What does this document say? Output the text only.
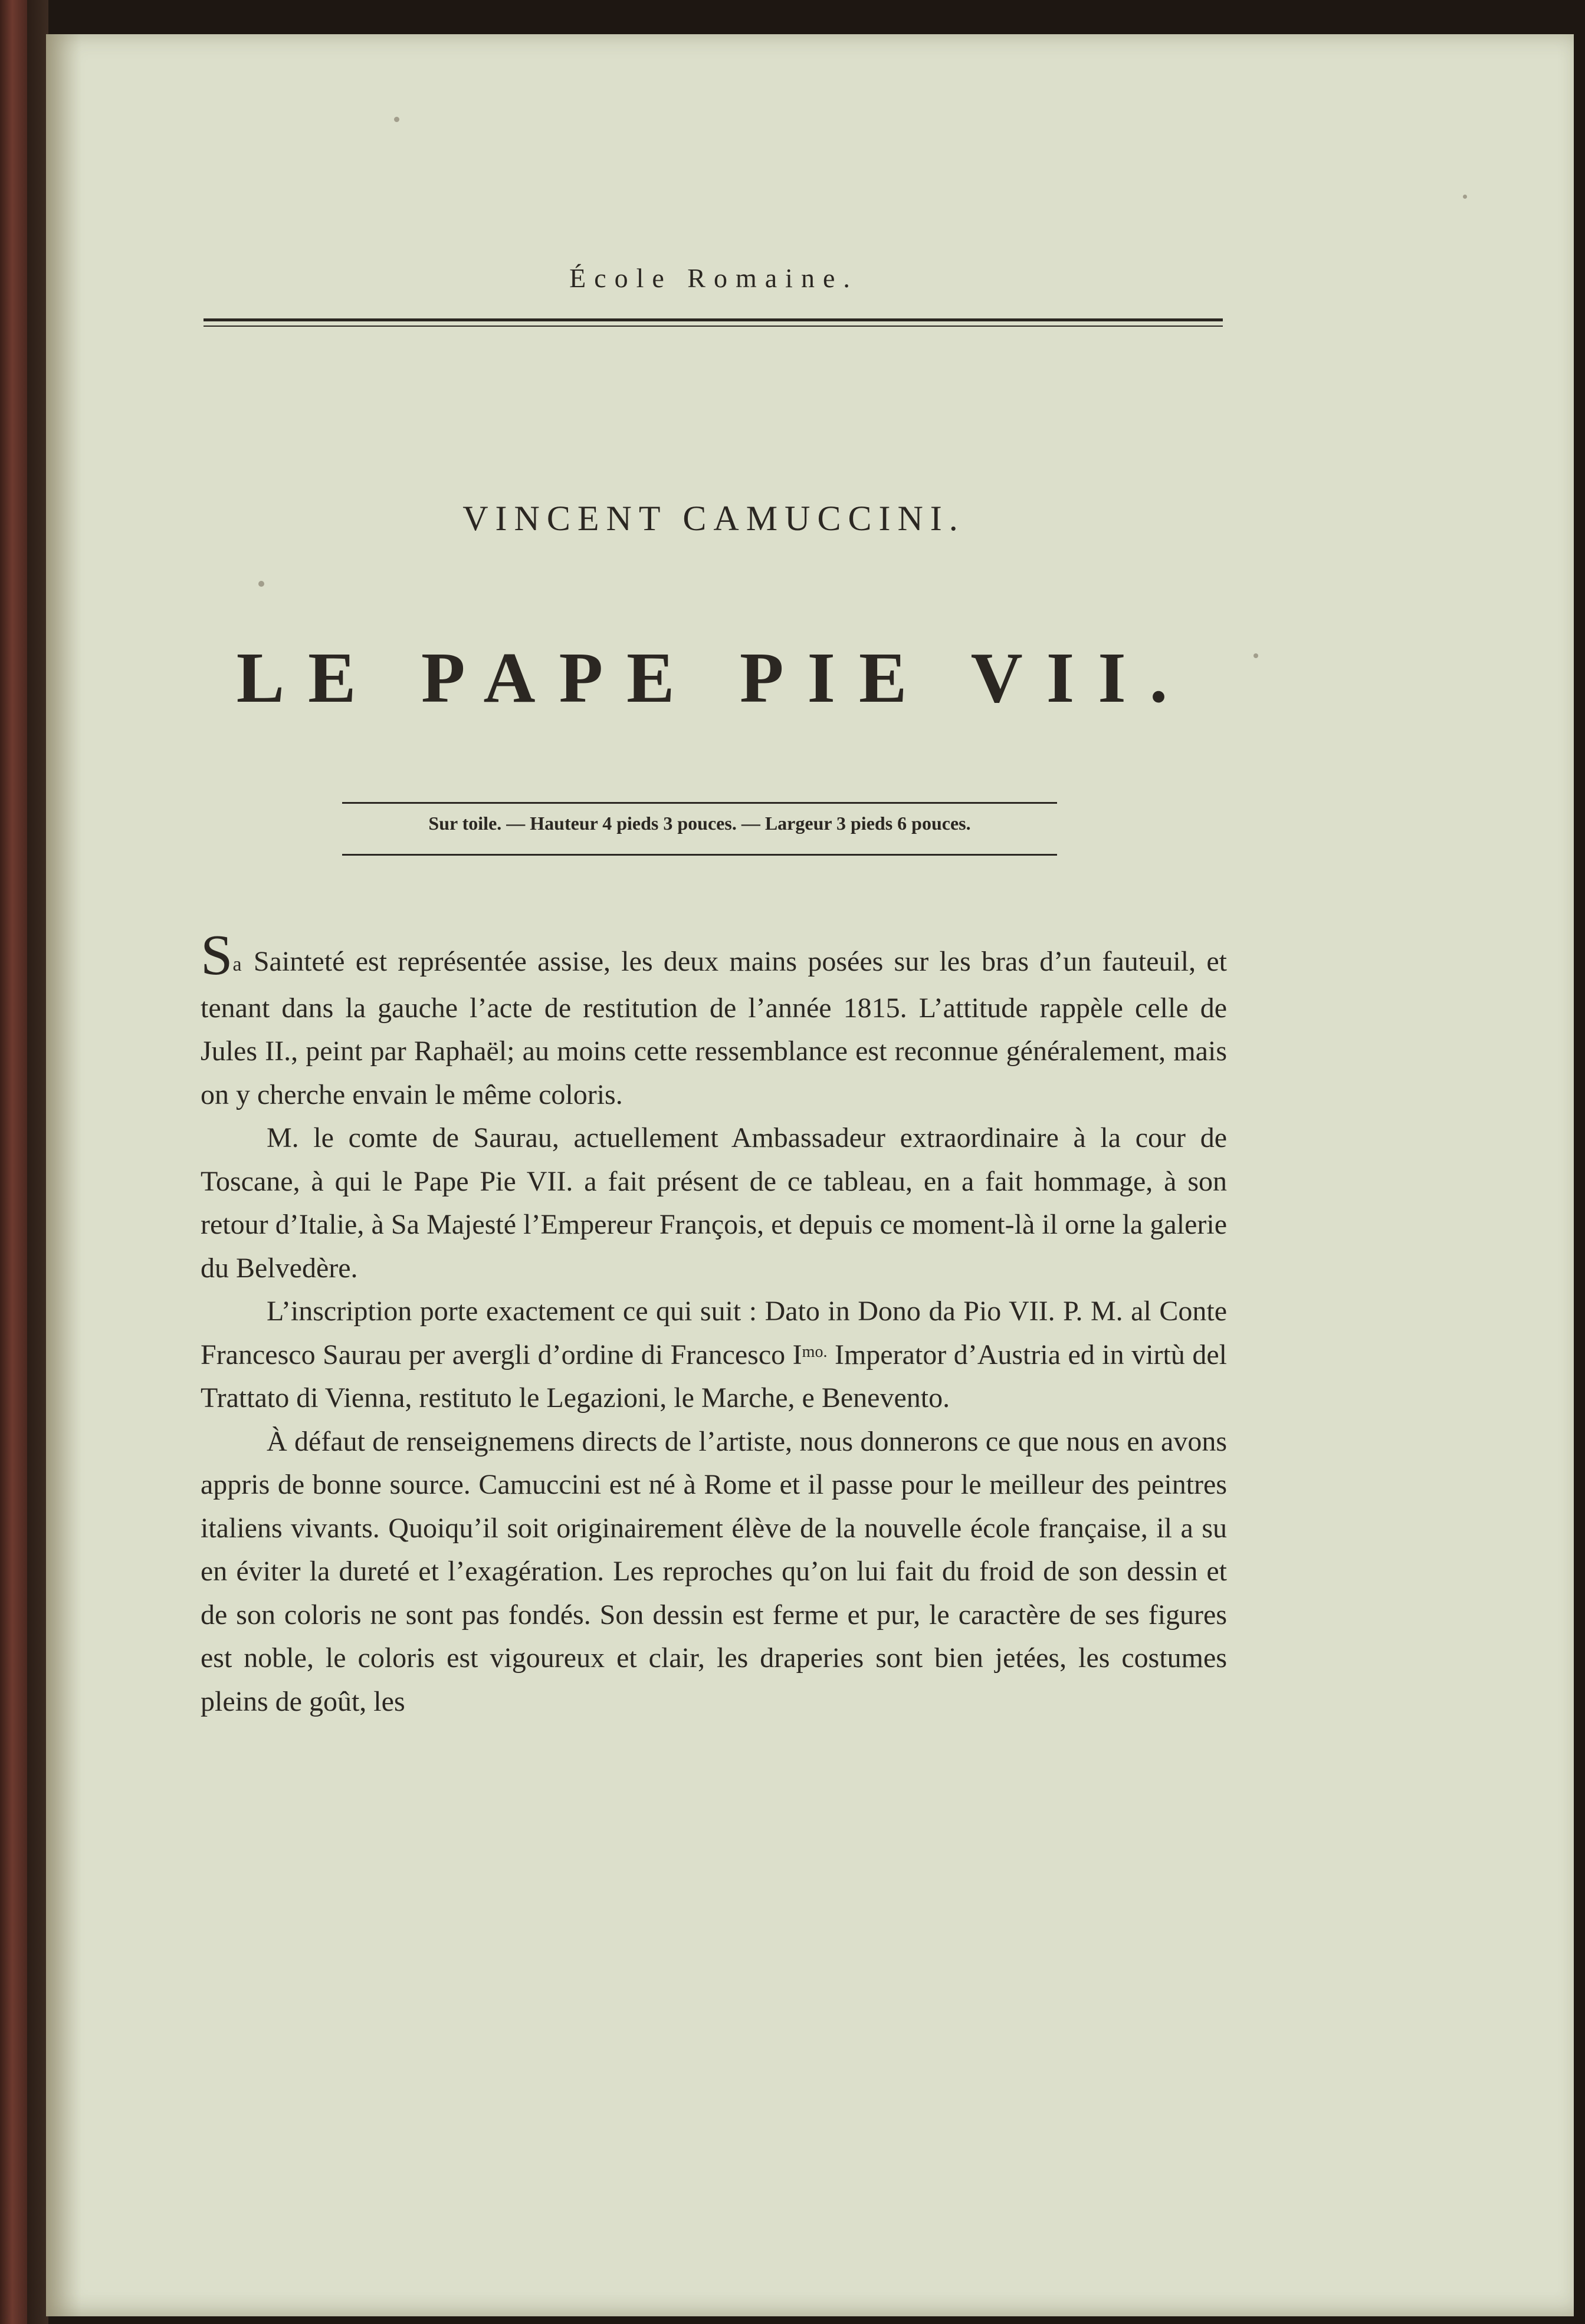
École Romaine.
VINCENT CAMUCCINI.
LE PAPE PIE VII.
Sur toile. — Hauteur 4 pieds 3 pouces. — Largeur 3 pieds 6 pouces.

Sa Sainteté est représentée assise, les deux mains posées sur les bras d’un fauteuil, et tenant dans la gauche l’acte de restitution de l’année 1815. L’attitude rappèle celle de Jules II., peint par Raphaël; au moins cette ressemblance est reconnue généralement, mais on y cherche envain le même coloris.

M. le comte de Saurau, actuellement Ambassadeur extraordinaire à la cour de Toscane, à qui le Pape Pie VII. a fait présent de ce tableau, en a fait hommage, à son retour d’Italie, à Sa Majesté l’Empereur François, et depuis ce moment-là il orne la galerie du Belvedère.

L’inscription porte exactement ce qui suit : Dato in Dono da Pio VII. P. M. al Conte Francesco Saurau per avergli d’ordine di Francesco $I^{mo.}$ Imperator d’Austria ed in virtù del Trattato di Vienna, restituto le Legazioni, le Marche, e Benevento.

À défaut de renseignemens directs de l’artiste, nous donnerons ce que nous en avons appris de bonne source. Camuccini est né à Rome et il passe pour le meilleur des peintres italiens vivants. Quoiqu’il soit originairement élève de la nouvelle école française, il a su en éviter la dureté et l’exagération. Les reproches qu’on lui fait du froid de son dessin et de son coloris ne sont pas fondés. Son dessin est ferme et pur, le caractère de ses figures est noble, le coloris est vigoureux et clair, les draperies sont bien jetées, les costumes pleins de goût, les
